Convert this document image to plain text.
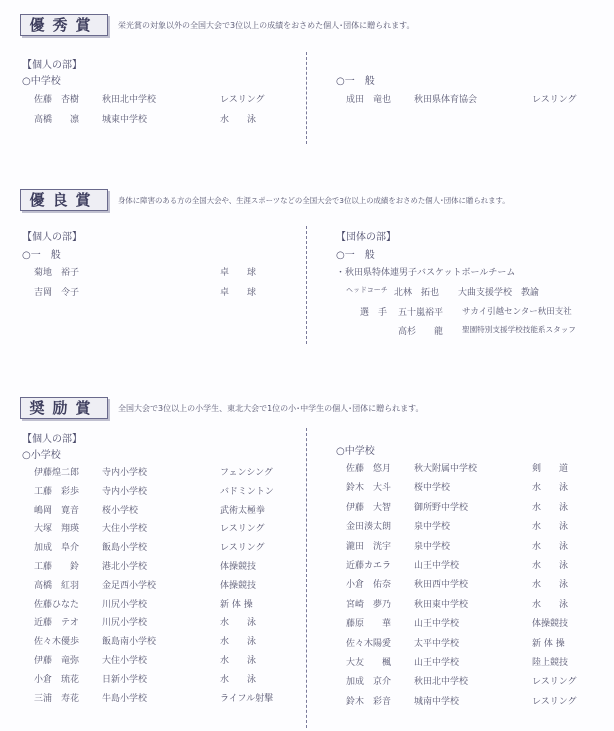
優秀賞	栄光賞の対象以外の全国大会で3位以上の成績をおさめた個人･団体に贈られます。
【個人の部】
○中学校
佐藤　杏樹	秋田北中学校	レスリング
高橋　　凛	城東中学校	水　　泳
○一　般
成田　竜也	秋田県体育協会	レスリング
優良賞	身体に障害のある方の全国大会や、生涯スポーツなどの全国大会で3位以上の成績をおさめた個人･団体に贈られます。
【個人の部】
○一　般
菊地　裕子	卓　　球
吉岡　令子	卓　　球
【団体の部】
○一　般
・秋田県特体連男子バスケットボールチーム
ヘッドコーチ 北林　拓也 大曲支援学校　教諭
選　手 五十嵐裕平 サカイ引越センター秋田支社
高杉　　龍 聖園特別支援学校技能系スタッフ
奨励賞	全国大会で3位以上の小学生、東北大会で1位の小･中学生の個人･団体に贈られます。
【個人の部】
○小学校
伊藤煌二郎	寺内小学校	フェンシング
工藤　彩歩	寺内小学校	バドミントン
嶋岡　寛音	桜小学校	武術太極拳
大塚　翔瑛	大住小学校	レスリング
加成　阜介	飯島小学校	レスリング
工藤　　鈴	港北小学校	体操競技
高橋　紅羽	金足西小学校	体操競技
佐藤ひなた	川尻小学校	新 体 操
近藤　テオ	川尻小学校	水　　泳
佐々木優歩	飯島南小学校	水　　泳
伊藤　竜弥	大住小学校	水　　泳
小倉　琉花	日新小学校	水　　泳
三浦　寿花	牛島小学校	ライフル射撃
○中学校
佐藤　悠月	秋大附属中学校	剣　　道
鈴木　大斗	桜中学校	水　　泳
伊藤　大智	御所野中学校	水　　泳
金田湊太朗	泉中学校	水　　泳
瀧田　洸宇	泉中学校	水　　泳
近藤カエラ	山王中学校	水　　泳
小倉　佑奈	秋田西中学校	水　　泳
宮崎　夢乃	秋田東中学校	水　　泳
藤原　　華	山王中学校	体操競技
佐々木陽愛	太平中学校	新 体 操
大友　　楓	山王中学校	陸上競技
加成　京介	秋田北中学校	レスリング
鈴木　彩音	城南中学校	レスリング
